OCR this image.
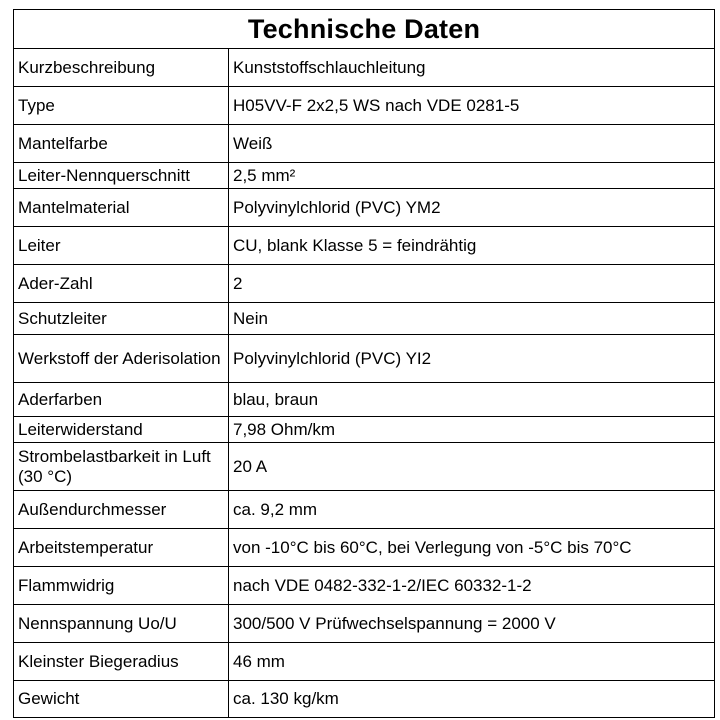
Technische Daten	
Kurzbeschreibung	Kunststoffschlauchleitung
Type	H05VV-F 2x2,5 WS nach VDE 0281-5
Mantelfarbe	Weiß
Leiter-Nennquerschnitt	2,5 mm²
Mantelmaterial	Polyvinylchlorid (PVC) YM2
Leiter	CU, blank Klasse 5 = feindrähtig
Ader-Zahl	2
Schutzleiter	Nein
Werkstoff der Aderisolation	Polyvinylchlorid (PVC) YI2
Aderfarben	blau, braun
Leiterwiderstand	7,98 Ohm/km
Strombelastbarkeit in Luft (30 °C)	20 A
Außendurchmesser	ca. 9,2 mm
Arbeitstemperatur	von -10°C bis 60°C, bei Verlegung von -5°C bis 70°C
Flammwidrig	nach VDE 0482-332-1-2/IEC 60332-1-2
Nennspannung Uo/U	300/500 V Prüfwechselspannung = 2000 V
Kleinster Biegeradius	46 mm
Gewicht	ca. 130 kg/km
